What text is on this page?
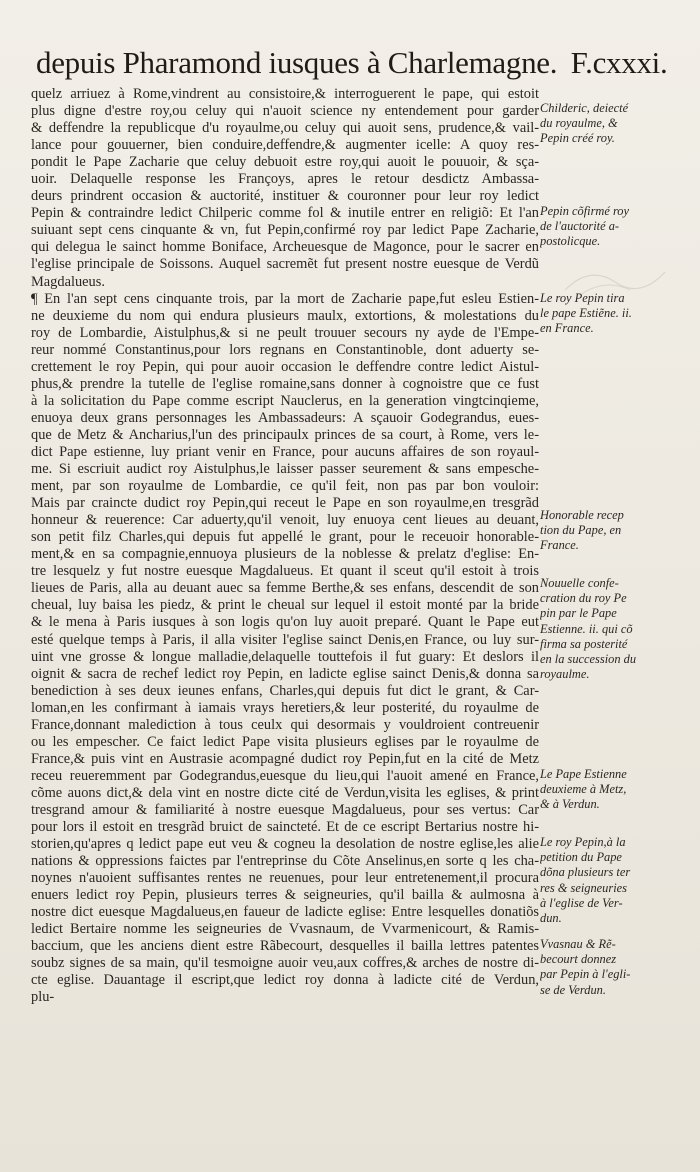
depuis Pharamond iusques à Charlemagne. F.cxxxi.
quelz arriuez à Rome,vindrent au consistoire,& interroguerent le pape, qui estoit
plus digne d'estre roy,ou celuy qui n'auoit science ny entendement pour garder
& deffendre la republicque d'u royaulme,ou celuy qui auoit sens, prudence,& vail-
lance pour gouuerner, bien conduire,deffendre,& augmenter icelle: A quoy res-
pondit le Pape Zacharie que celuy debuoit estre roy,qui auoit le pouuoir, & sça-
uoir. Delaquelle response les Françoys, apres le retour desdictz Ambassa-
deurs prindrent occasion & auctorité, instituer & couronner pour leur roy ledict
Pepin & contraindre ledict Chilperic comme fol & inutile entrer en religiõ: Et l'an
suiuant sept cens cinquante & vn, fut Pepin,confirmé roy par ledict Pape Zacharie,
qui delegua le sainct homme Boniface, Archeuesque de Magonce, pour le sacrer en
l'eglise principale de Soissons. Auquel sacremẽt fut present nostre euesque de Verdũ
Magdalueus.
¶ En l'an sept cens cinquante trois, par la mort de Zacharie pape,fut esleu Estien-
ne deuxieme du nom qui endura plusieurs maulx, extortions, & molestations du
roy de Lombardie, Aistulphus,& si ne peult trouuer secours ny ayde de l'Empe-
reur nommé Constantinus,pour lors regnans en Constantinoble, dont aduerty se-
crettement le roy Pepin, qui pour auoir occasion le deffendre contre ledict Aistul-
phus,& prendre la tutelle de l'eglise romaine,sans donner à cognoistre que ce fust
à la solicitation du Pape comme escript Nauclerus, en la generation vingtcinqieme,
enuoya deux grans personnages les Ambassadeurs: A sçauoir Godegrandus, eues-
que de Metz & Ancharius,l'un des principaulx princes de sa court, à Rome, vers le-
dict Pape estienne, luy priant venir en France, pour aucuns affaires de son royaul-
me. Si escriuit audict roy Aistulphus,le laisser passer seurement & sans empesche-
ment, par son royaulme de Lombardie, ce qu'il feit, non pas par bon vouloir:
Mais par craincte dudict roy Pepin,qui receut le Pape en son royaulme,en tresgrãd
honneur & reuerence: Car aduerty,qu'il venoit, luy enuoya cent lieues au deuant,
son petit filz Charles,qui depuis fut appellé le grant, pour le receuoir honorable-
ment,& en sa compagnie,ennuoya plusieurs de la noblesse & prelatz d'eglise: En-
tre lesquelz y fut nostre euesque Magdalueus. Et quant il sceut qu'il estoit à trois
lieues de Paris, alla au deuant auec sa femme Berthe,& ses enfans, descendit de son
cheual, luy baisa les piedz, & print le cheual sur lequel il estoit monté par la bride
& le mena à Paris iusques à son logis qu'on luy auoit preparé. Quant le Pape eut
esté quelque temps à Paris, il alla visiter l'eglise sainct Denis,en France, ou luy sur-
uint vne grosse & longue malladie,delaquelle touttefois il fut guary: Et deslors il
oignit & sacra de rechef ledict roy Pepin, en ladicte eglise sainct Denis,& donna sa
benediction à ses deux ieunes enfans, Charles,qui depuis fut dict le grant, & Car-
loman,en les confirmant à iamais vrays heretiers,& leur posterité, du royaulme de
France,donnant malediction à tous ceulx qui desormais y vouldroient contreuenir
ou les empescher. Ce faict ledict Pape visita plusieurs eglises par le royaulme de
France,& puis vint en Austrasie acompagné dudict roy Pepin,fut en la cité de Metz
receu reueremment par Godegrandus,euesque du lieu,qui l'auoit amené en France,
cõme auons dict,& dela vint en nostre dicte cité de Verdun,visita les eglises, & print
tresgrand amour & familiarité à nostre euesque Magdalueus, pour ses vertus: Car
pour lors il estoit en tresgrãd bruict de saincteté. Et de ce escript Bertarius nostre hi-
storien,qu'apres q ledict pape eut veu & cogneu la desolation de nostre eglise,les alie
nations & oppressions faictes par l'entreprinse du Cõte Anselinus,en sorte q les cha-
noynes n'auoient suffisantes rentes ne reuenues, pour leur entretenement,il procura
enuers ledict roy Pepin, plusieurs terres & seigneuries, qu'il bailla & aulmosna à
nostre dict euesque Magdalueus,en faueur de ladicte eglise: Entre lesquelles donatiõs
ledict Bertaire nomme les seigneuries de Vvasnaum, de Vvarmenicourt, & Ramis-
baccium, que les anciens dient estre Rãbecourt, desquelles il bailla lettres patentes
soubz signes de sa main, qu'il tesmoigne auoir veu,aux coffres,& arches de nostre di-
cte eglise. Dauantage il escript,que ledict roy donna à ladicte cité de Verdun,
plu-
Childeric, deiecté
du royaulme, &
Pepin créé roy.
Pepin cõfirmé roy
de l'auctorité a-
postolicque.
Le roy Pepin tira
le pape Estiẽne. ii.
en France.
Honorable recep
tion du Pape, en
France.
Nouuelle confe-
cration du roy Pe
pin par le Pape
Estienne. ii. qui cõ
firma sa posterité
en la succession du
royaulme.
Le Pape Estienne
deuxieme à Metz,
& à Verdun.
Le roy Pepin,à la
petition du Pape
dõna plusieurs ter
res & seigneuries
à l'eglise de Ver-
dun.
Vvasnau & Rẽ-
becourt donnez
par Pepin à l'egli-
se de Verdun.
